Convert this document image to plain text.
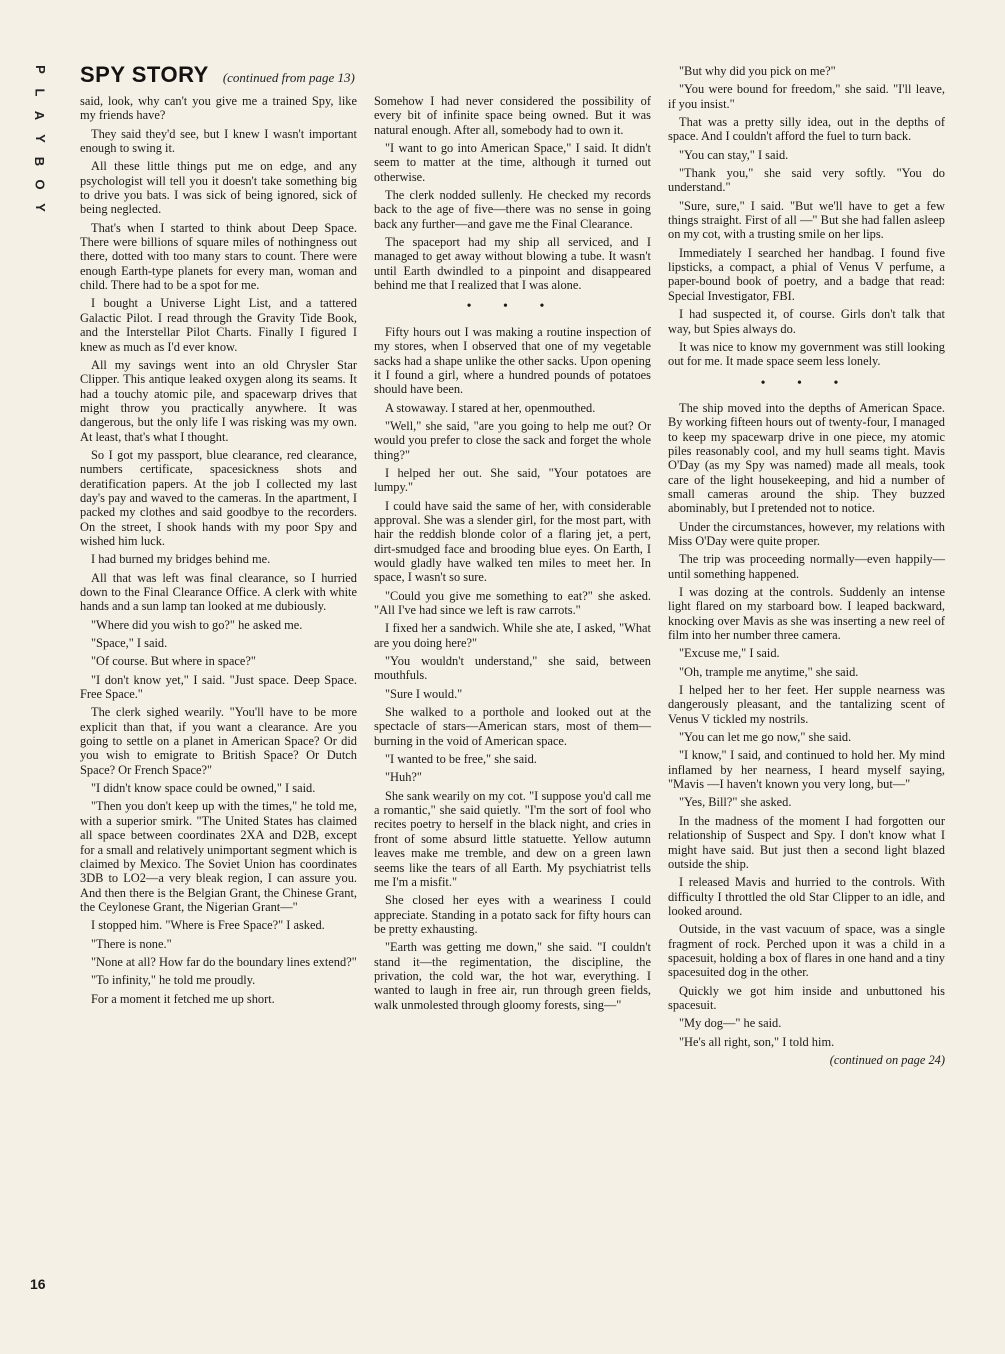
P
L
A
Y
B
O
Y
SPY STORY (continued from page 13)

said, look, why can't you give me a trained Spy, like my friends have?

They said they'd see, but I knew I wasn't important enough to swing it.

All these little things put me on edge, and any psychologist will tell you it doesn't take something big to drive you bats. I was sick of being ignored, sick of being neglected.

That's when I started to think about Deep Space. There were billions of square miles of nothingness out there, dotted with too many stars to count. There were enough Earth-type planets for every man, woman and child. There had to be a spot for me.

I bought a Universe Light List, and a tattered Galactic Pilot. I read through the Gravity Tide Book, and the Interstellar Pilot Charts. Finally I figured I knew as much as I'd ever know.

All my savings went into an old Chrysler Star Clipper. This antique leaked oxygen along its seams. It had a touchy atomic pile, and spacewarp drives that might throw you practically anywhere. It was dangerous, but the only life I was risking was my own. At least, that's what I thought.

So I got my passport, blue clearance, red clearance, numbers certificate, spacesickness shots and deratification papers. At the job I collected my last day's pay and waved to the cameras. In the apartment, I packed my clothes and said goodbye to the recorders. On the street, I shook hands with my poor Spy and wished him luck.

I had burned my bridges behind me.

All that was left was final clearance, so I hurried down to the Final Clearance Office. A clerk with white hands and a sun lamp tan looked at me dubiously.

"Where did you wish to go?" he asked me.

"Space," I said.

"Of course. But where in space?"

"I don't know yet," I said. "Just space. Deep Space. Free Space."

The clerk sighed wearily. "You'll have to be more explicit than that, if you want a clearance. Are you going to settle on a planet in American Space? Or did you wish to emigrate to British Space? Or Dutch Space? Or French Space?"

"I didn't know space could be owned," I said.

"Then you don't keep up with the times," he told me, with a superior smirk. "The United States has claimed all space between coordinates 2XA and D2B, except for a small and relatively unimportant segment which is claimed by Mexico. The Soviet Union has coordinates 3DB to LO2—a very bleak region, I can assure you. And then there is the Belgian Grant, the Chinese Grant, the Ceylonese Grant, the Nigerian Grant—"

I stopped him. "Where is Free Space?" I asked.

"There is none."

"None at all? How far do the boundary lines extend?"

"To infinity," he told me proudly.

For a moment it fetched me up short.

Somehow I had never considered the possibility of every bit of infinite space being owned. But it was natural enough. After all, somebody had to own it.

"I want to go into American Space," I said. It didn't seem to matter at the time, although it turned out otherwise.

The clerk nodded sullenly. He checked my records back to the age of five—there was no sense in going back any further—and gave me the Final Clearance.

The spaceport had my ship all serviced, and I managed to get away without blowing a tube. It wasn't until Earth dwindled to a pinpoint and disappeared behind me that I realized that I was alone.

• • •

Fifty hours out I was making a routine inspection of my stores, when I observed that one of my vegetable sacks had a shape unlike the other sacks. Upon opening it I found a girl, where a hundred pounds of potatoes should have been.

A stowaway. I stared at her, openmouthed.

"Well," she said, "are you going to help me out? Or would you prefer to close the sack and forget the whole thing?"

I helped her out. She said, "Your potatoes are lumpy."

I could have said the same of her, with considerable approval. She was a slender girl, for the most part, with hair the reddish blonde color of a flaring jet, a pert, dirt-smudged face and brooding blue eyes. On Earth, I would gladly have walked ten miles to meet her. In space, I wasn't so sure.

"Could you give me something to eat?" she asked. "All I've had since we left is raw carrots."

I fixed her a sandwich. While she ate, I asked, "What are you doing here?"

"You wouldn't understand," she said, between mouthfuls.

"Sure I would."

She walked to a porthole and looked out at the spectacle of stars—American stars, most of them—burning in the void of American space.

"I wanted to be free," she said.

"Huh?"

She sank wearily on my cot. "I suppose you'd call me a romantic," she said quietly. "I'm the sort of fool who recites poetry to herself in the black night, and cries in front of some absurd little statuette. Yellow autumn leaves make me tremble, and dew on a green lawn seems like the tears of all Earth. My psychiatrist tells me I'm a misfit."

She closed her eyes with a weariness I could appreciate. Standing in a potato sack for fifty hours can be pretty exhausting.

"Earth was getting me down," she said. "I couldn't stand it—the regimentation, the discipline, the privation, the cold war, the hot war, everything. I wanted to laugh in free air, run through green fields, walk unmolested through gloomy forests, sing—"

"But why did you pick on me?"

"You were bound for freedom," she said. "I'll leave, if you insist."

That was a pretty silly idea, out in the depths of space. And I couldn't afford the fuel to turn back.

"You can stay," I said.

"Thank you," she said very softly. "You do understand."

"Sure, sure," I said. "But we'll have to get a few things straight. First of all —" But she had fallen asleep on my cot, with a trusting smile on her lips.

Immediately I searched her handbag. I found five lipsticks, a compact, a phial of Venus V perfume, a paper-bound book of poetry, and a badge that read: Special Investigator, FBI.

I had suspected it, of course. Girls don't talk that way, but Spies always do.

It was nice to know my government was still looking out for me. It made space seem less lonely.

• • •

The ship moved into the depths of American Space. By working fifteen hours out of twenty-four, I managed to keep my spacewarp drive in one piece, my atomic piles reasonably cool, and my hull seams tight. Mavis O'Day (as my Spy was named) made all meals, took care of the light housekeeping, and hid a number of small cameras around the ship. They buzzed abominably, but I pretended not to notice.

Under the circumstances, however, my relations with Miss O'Day were quite proper.

The trip was proceeding normally—even happily—until something happened.

I was dozing at the controls. Suddenly an intense light flared on my starboard bow. I leaped backward, knocking over Mavis as she was inserting a new reel of film into her number three camera.

"Excuse me," I said.

"Oh, trample me anytime," she said.

I helped her to her feet. Her supple nearness was dangerously pleasant, and the tantalizing scent of Venus V tickled my nostrils.

"You can let me go now," she said.

"I know," I said, and continued to hold her. My mind inflamed by her nearness, I heard myself saying, "Mavis —I haven't known you very long, but—"

"Yes, Bill?" she asked.

In the madness of the moment I had forgotten our relationship of Suspect and Spy. I don't know what I might have said. But just then a second light blazed outside the ship.

I released Mavis and hurried to the controls. With difficulty I throttled the old Star Clipper to an idle, and looked around.

Outside, in the vast vacuum of space, was a single fragment of rock. Perched upon it was a child in a spacesuit, holding a box of flares in one hand and a tiny spacesuited dog in the other.

Quickly we got him inside and unbuttoned his spacesuit.

"My dog—" he said.

"He's all right, son," I told him.

(continued on page 24)
16
